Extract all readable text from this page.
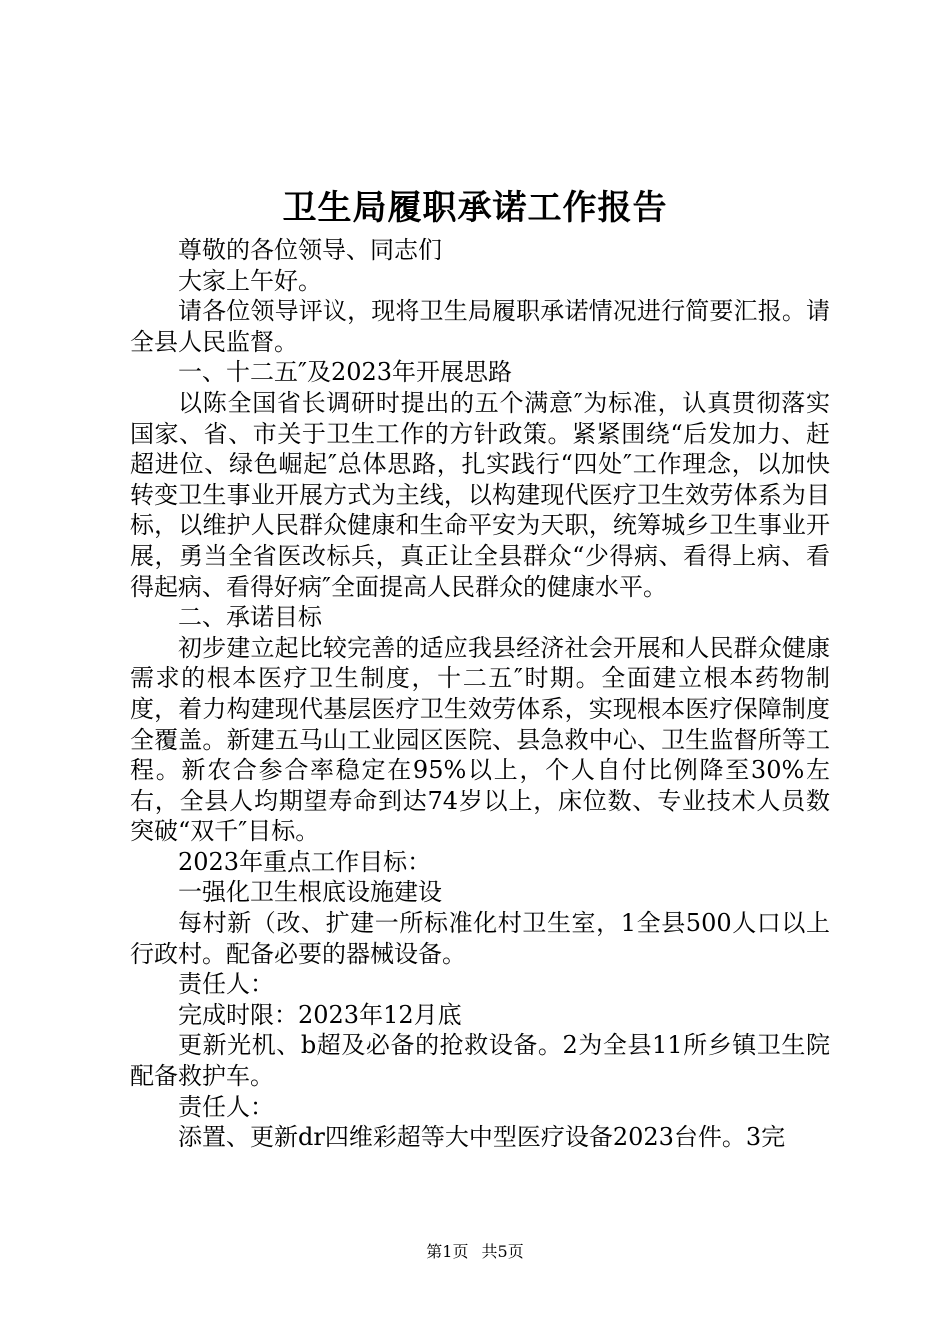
卫生局履职承诺工作报告

尊敬的各位领导、同志们

大家上午好。

请各位领导评议，现将卫生局履职承诺情况进行简要汇报。请全县人民监督。

一、十二五″及2023年开展思路

以陈全国省长调研时提出的五个满意″为标准，认真贯彻落实国家、省、市关于卫生工作的方针政策。紧紧围绕“后发加力、赶超进位、绿色崛起″总体思路，扎实践行“四处″工作理念，以加快转变卫生事业开展方式为主线，以构建现代医疗卫生效劳体系为目标，以维护人民群众健康和生命平安为天职，统筹城乡卫生事业开展，勇当全省医改标兵，真正让全县群众“少得病、看得上病、看得起病、看得好病″全面提高人民群众的健康水平。

二、承诺目标

初步建立起比较完善的适应我县经济社会开展和人民群众健康需求的根本医疗卫生制度，十二五″时期。全面建立根本药物制度，着力构建现代基层医疗卫生效劳体系，实现根本医疗保障制度全覆盖。新建五马山工业园区医院、县急救中心、卫生监督所等工程。新农合参合率稳定在95%以上，个人自付比例降至30%左右，全县人均期望寿命到达74岁以上，床位数、专业技术人员数突破“双千″目标。

2023年重点工作目标：

一强化卫生根底设施建设

每村新（改、扩建一所标准化村卫生室，1全县500人口以上行政村。配备必要的器械设备。

责任人：

完成时限：2023年12月底

更新光机、b超及必备的抢救设备。2为全县11所乡镇卫生院配备救护车。

责任人：

添置、更新dr四维彩超等大中型医疗设备2023台件。3完

第1页 共5页
